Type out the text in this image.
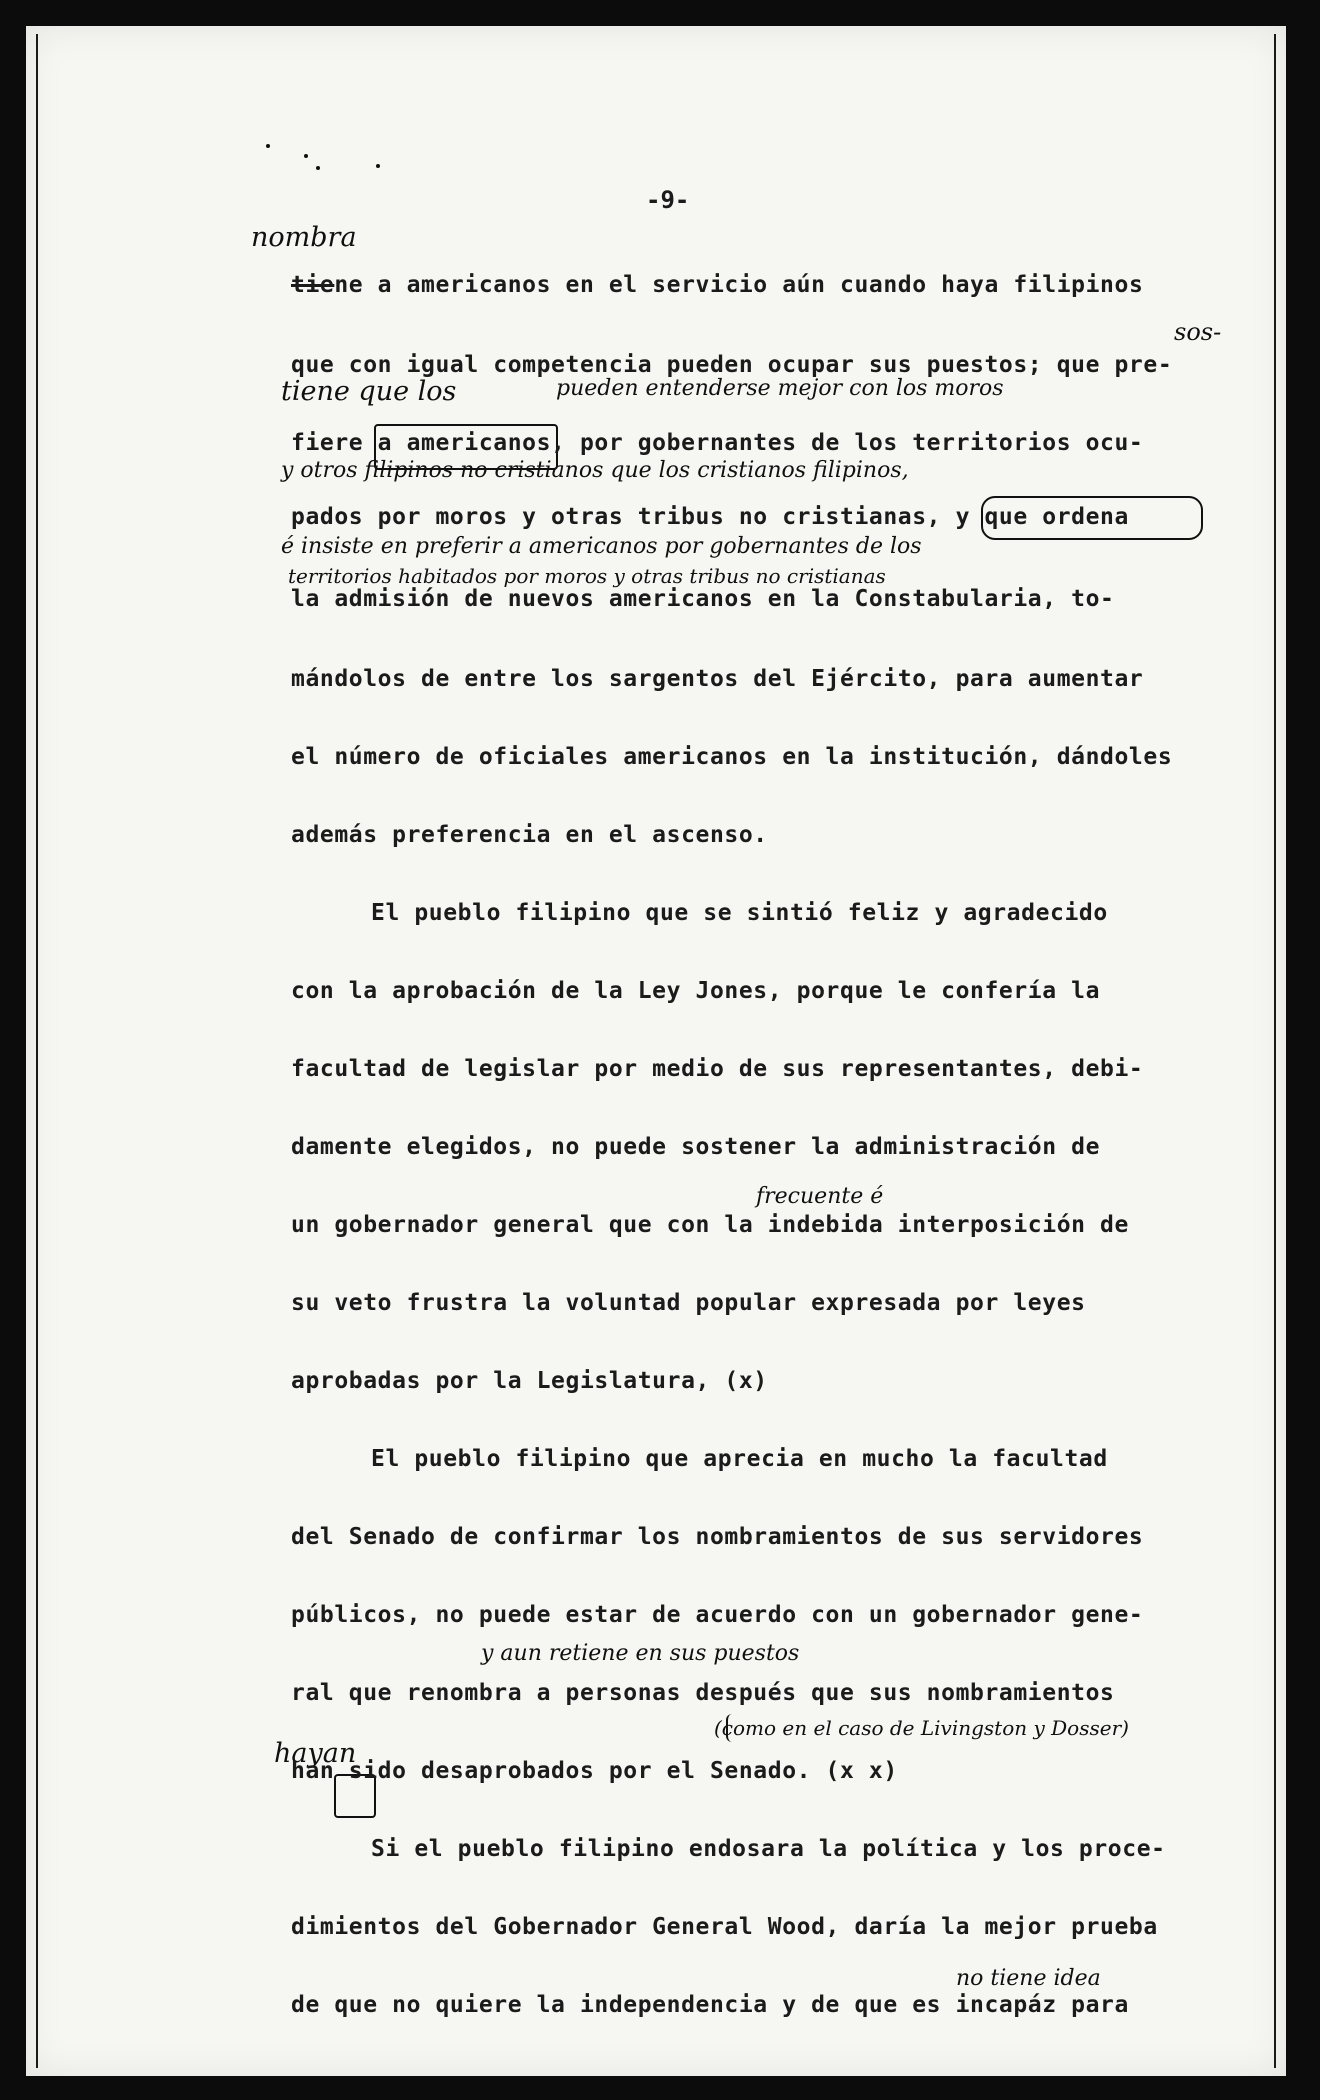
-9-
nombra
sos-
tiene que los	pueden entenderse mejor con los moros
y otros filipinos no cristianos que los cristianos filipinos,
é insiste en preferir a americanos por gobernantes de los
territorios habitados por moros y otras tribus no cristianas
frecuente é
y aun retiene en sus puestos
(como en el caso de Livingston y Dosser)
hayan
no tiene idea
tiene a americanos en el servicio aún cuando haya filipinos
que con igual competencia pueden ocupar sus puestos; que pre-
fiere a americanos, por gobernantes de los territorios ocu-
pados por moros y otras tribus no cristianas, y que ordena
la admisión de nuevos americanos en la Constabularia, to-
mándolos de entre los sargentos del Ejército, para aumentar
el número de oficiales americanos en la institución, dándoles
además preferencia en el ascenso.
El pueblo filipino que se sintió feliz y agradecido
con la aprobación de la Ley Jones, porque le confería la
facultad de legislar por medio de sus representantes, debi-
damente elegidos, no puede sostener la administración de
un gobernador general que con la indebida interposición de
su veto frustra la voluntad popular expresada por leyes
aprobadas por la Legislatura, (x)
El pueblo filipino que aprecia en mucho la facultad
del Senado de confirmar los nombramientos de sus servidores
públicos, no puede estar de acuerdo con un gobernador gene-
ral que renombra a personas después que sus nombramientos
han sido desaprobados por el Senado. (x x)
Si el pueblo filipino endosara la política y los proce-
dimientos del Gobernador General Wood, daría la mejor prueba
de que no quiere la independencia y de que es incapáz para
